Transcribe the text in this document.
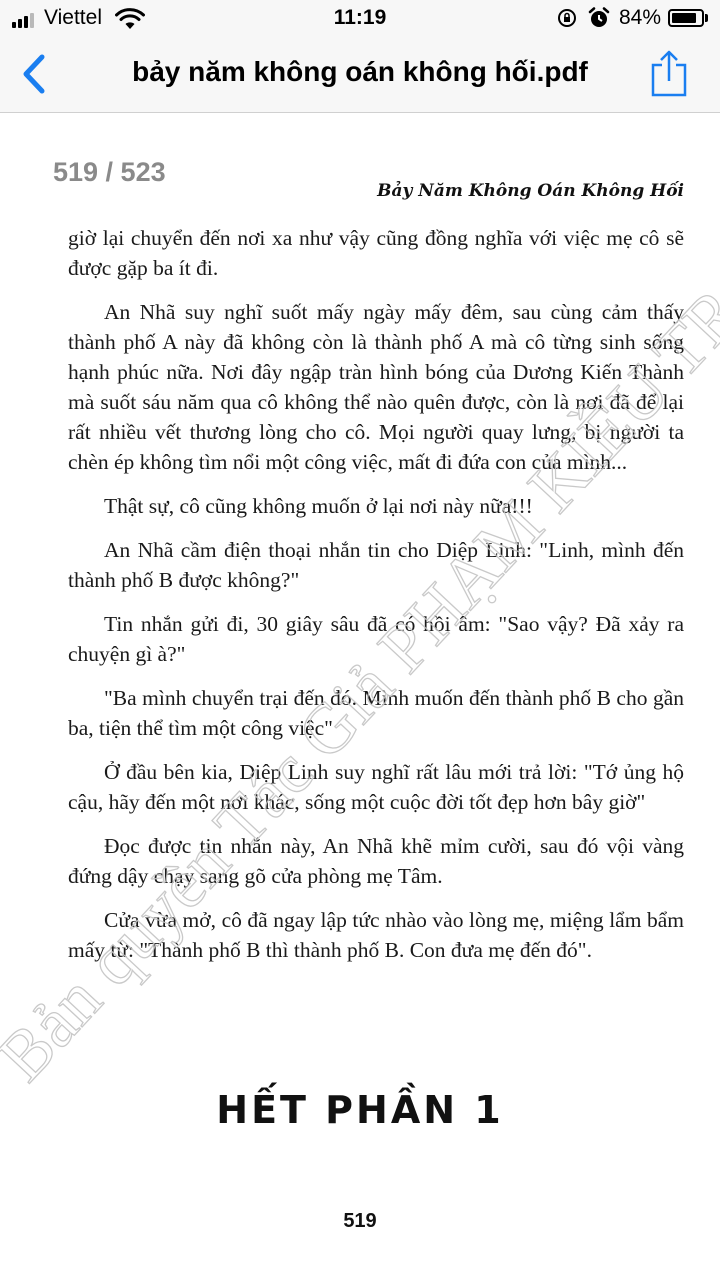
Viettel	11:19	84%
bảy năm không oán không hối.pdf
519 / 523
Bảy Năm Không Oán Không Hối

giờ lại chuyển đến nơi xa như vậy cũng đồng nghĩa với việc mẹ cô sẽ được gặp ba ít đi.

An Nhã suy nghĩ suốt mấy ngày mấy đêm, sau cùng cảm thấy thành phố A này đã không còn là thành phố A mà cô từng sinh sống hạnh phúc nữa. Nơi đây ngập tràn hình bóng của Dương Kiến Thành mà suốt sáu năm qua cô không thể nào quên được, còn là nơi đã để lại rất nhiều vết thương lòng cho cô. Mọi người quay lưng, bị người ta chèn ép không tìm nổi một công việc, mất đi đứa con của mình...

Thật sự, cô cũng không muốn ở lại nơi này nữa!!!

An Nhã cầm điện thoại nhắn tin cho Diệp Linh: "Linh, mình đến thành phố B được không?"

Tin nhắn gửi đi, 30 giây sâu đã có hồi âm: "Sao vậy? Đã xảy ra chuyện gì à?"

"Ba mình chuyển trại đến đó. Mình muốn đến thành phố B cho gần ba, tiện thể tìm một công việc"

Ở đầu bên kia, Diệp Linh suy nghĩ rất lâu mới trả lời: "Tớ ủng hộ cậu, hãy đến một nơi khác, sống một cuộc đời tốt đẹp hơn bây giờ"

Đọc được tin nhắn này, An Nhã khẽ mỉm cười, sau đó vội vàng đứng dậy chạy sang gõ cửa phòng mẹ Tâm.

Cửa vừa mở, cô đã ngay lập tức nhào vào lòng mẹ, miệng lẩm bẩm mấy từ: "Thành phố B thì thành phố B. Con đưa mẹ đến đó".

HẾT PHẦN 1
519
